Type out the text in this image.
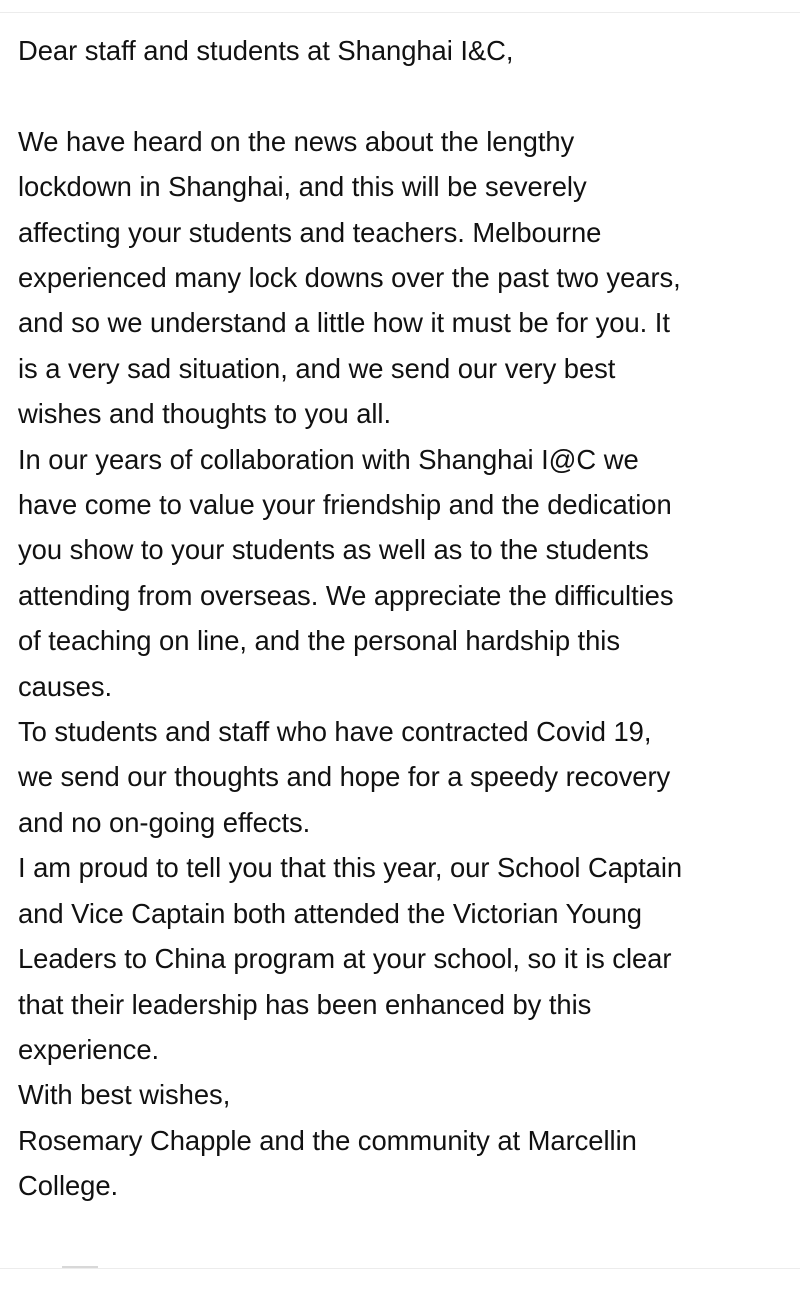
Dear staff and students at Shanghai I&C,

We have heard on the news about the lengthy
lockdown in Shanghai, and this will be severely
affecting your students and teachers. Melbourne
experienced many lock downs over the past two years,
and so we understand a little how it must be for you. It
is a very sad situation, and we send our very best
wishes and thoughts to you all.

In our years of collaboration with Shanghai I@C we
have come to value your friendship and the dedication
you show to your students as well as to the students
attending from overseas. We appreciate the difficulties
of teaching on line, and the personal hardship this
causes.

To students and staff who have contracted Covid 19,
we send our thoughts and hope for a speedy recovery
and no on-going effects.

I am proud to tell you that this year, our School Captain
and Vice Captain both attended the Victorian Young
Leaders to China program at your school, so it is clear
that their leadership has been enhanced by this
experience.

With best wishes,

Rosemary Chapple and the community at Marcellin
College.
